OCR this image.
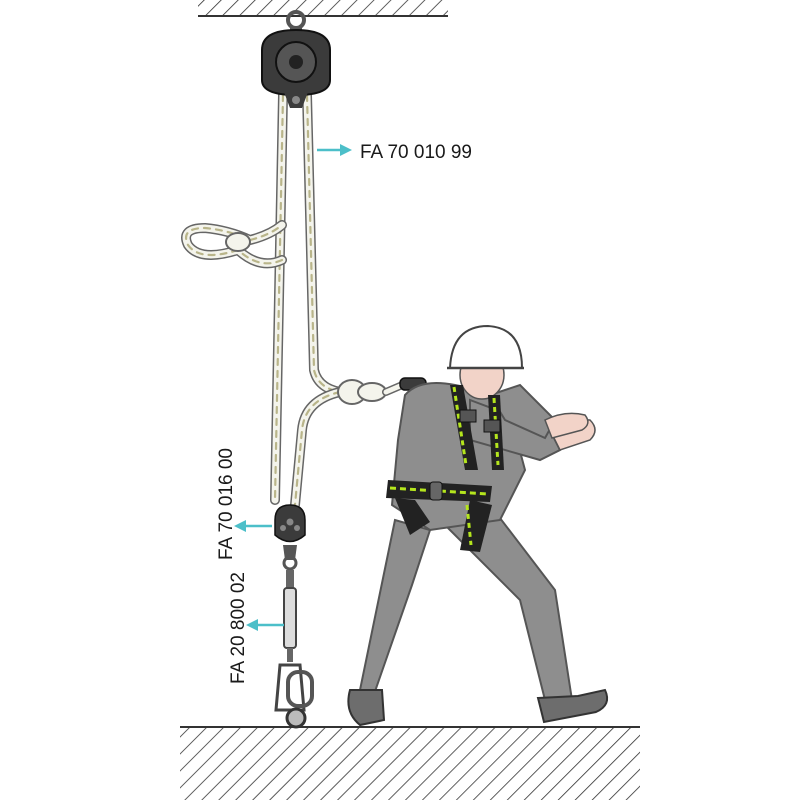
FA 70 010 99
FA 70 016 00
FA 20 800 02
